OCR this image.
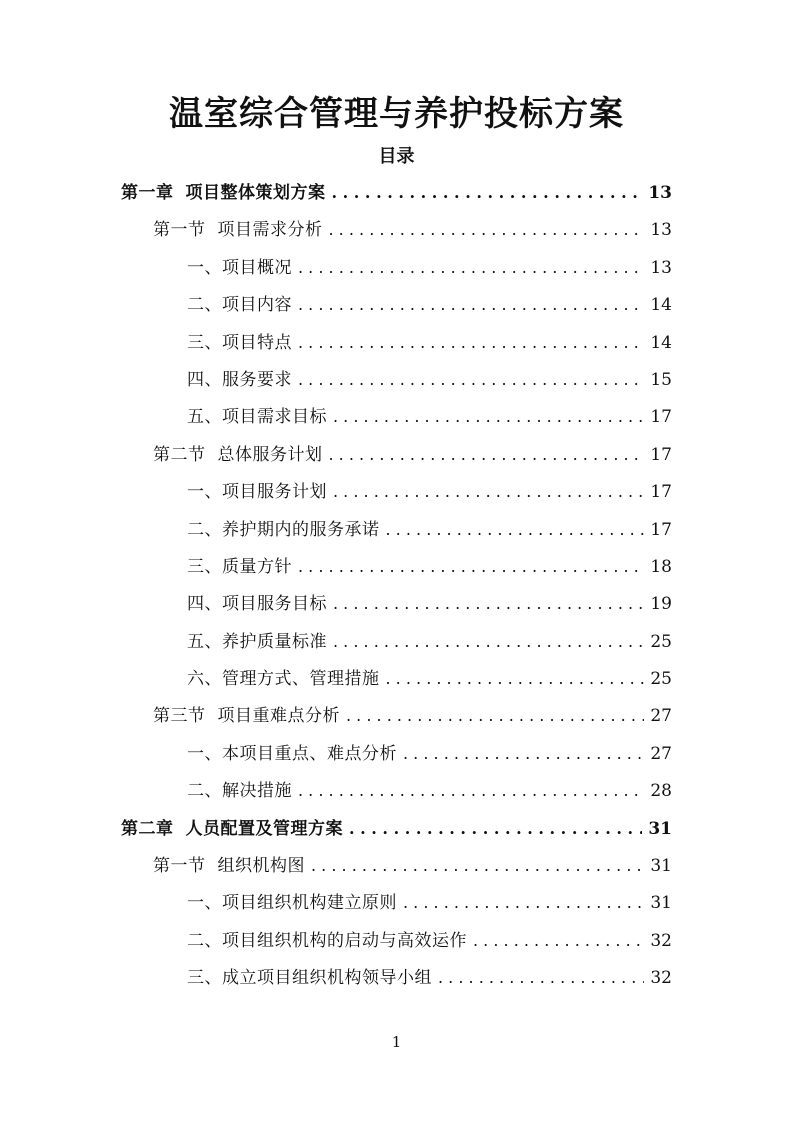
温室综合管理与养护投标方案
目录
第一章 项目整体策划方案 . . .	13
第一节 项目需求分析 . . .	13
一、项目概况 . . .	13
二、项目内容 . . .	14
三、项目特点 . . .	14
四、服务要求 . . .	15
五、项目需求目标 . . .	17
第二节 总体服务计划 . . .	17
一、项目服务计划 . . .	17
二、养护期内的服务承诺 . . .	17
三、质量方针 . . .	18
四、项目服务目标 . . .	19
五、养护质量标准 . . .	25
六、管理方式、管理措施 . . .	25
第三节 项目重难点分析 . . .	27
一、本项目重点、难点分析 . . .	27
二、解决措施 . . .	28
第二章 人员配置及管理方案 . . .	31
第一节 组织机构图 . . .	31
一、项目组织机构建立原则 . . .	31
二、项目组织机构的启动与高效运作 . . .	32
三、成立项目组织机构领导小组 . . .	32
1
